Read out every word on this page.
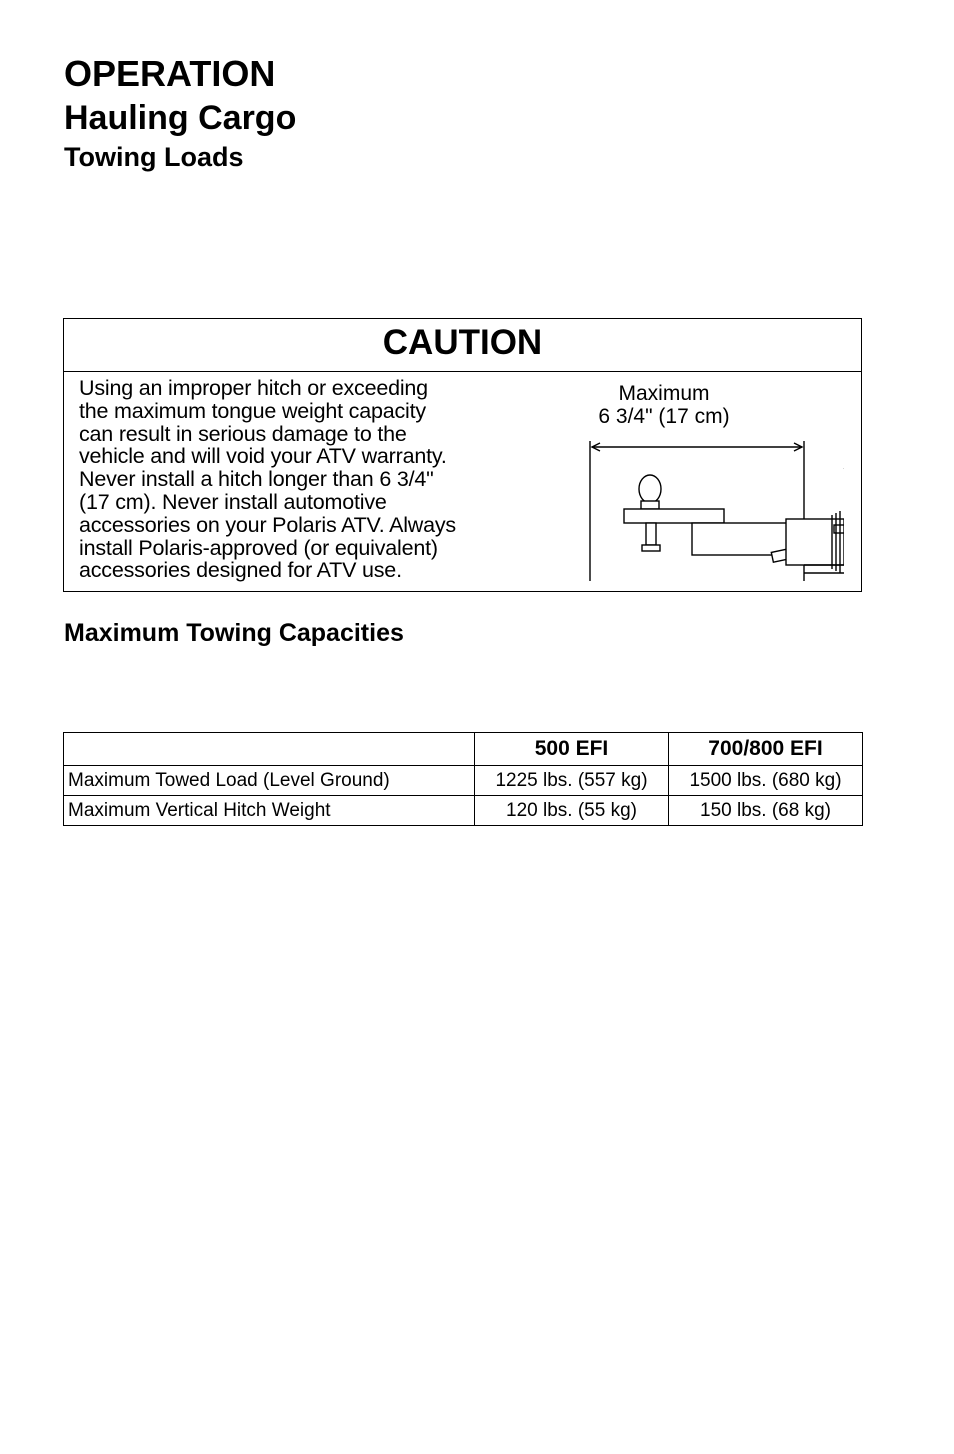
OPERATION
Hauling Cargo
Towing Loads
CAUTION
Using an improper hitch or exceeding
the maximum tongue weight capacity
can result in serious damage to the
vehicle and will void your ATV warranty.
Never install a hitch longer than 6 3/4"
(17 cm). Never install automotive
accessories on your Polaris ATV. Always
install Polaris-approved (or equivalent)
accessories designed for ATV use.
Maximum
6 3/4" (17 cm)
Maximum Towing Capacities
	500 EFI	700/800 EFI
Maximum Towed Load (Level Ground)	1225 lbs. (557 kg)	1500 lbs. (680 kg)
Maximum Vertical Hitch Weight	120 lbs. (55 kg)	150 lbs. (68 kg)
